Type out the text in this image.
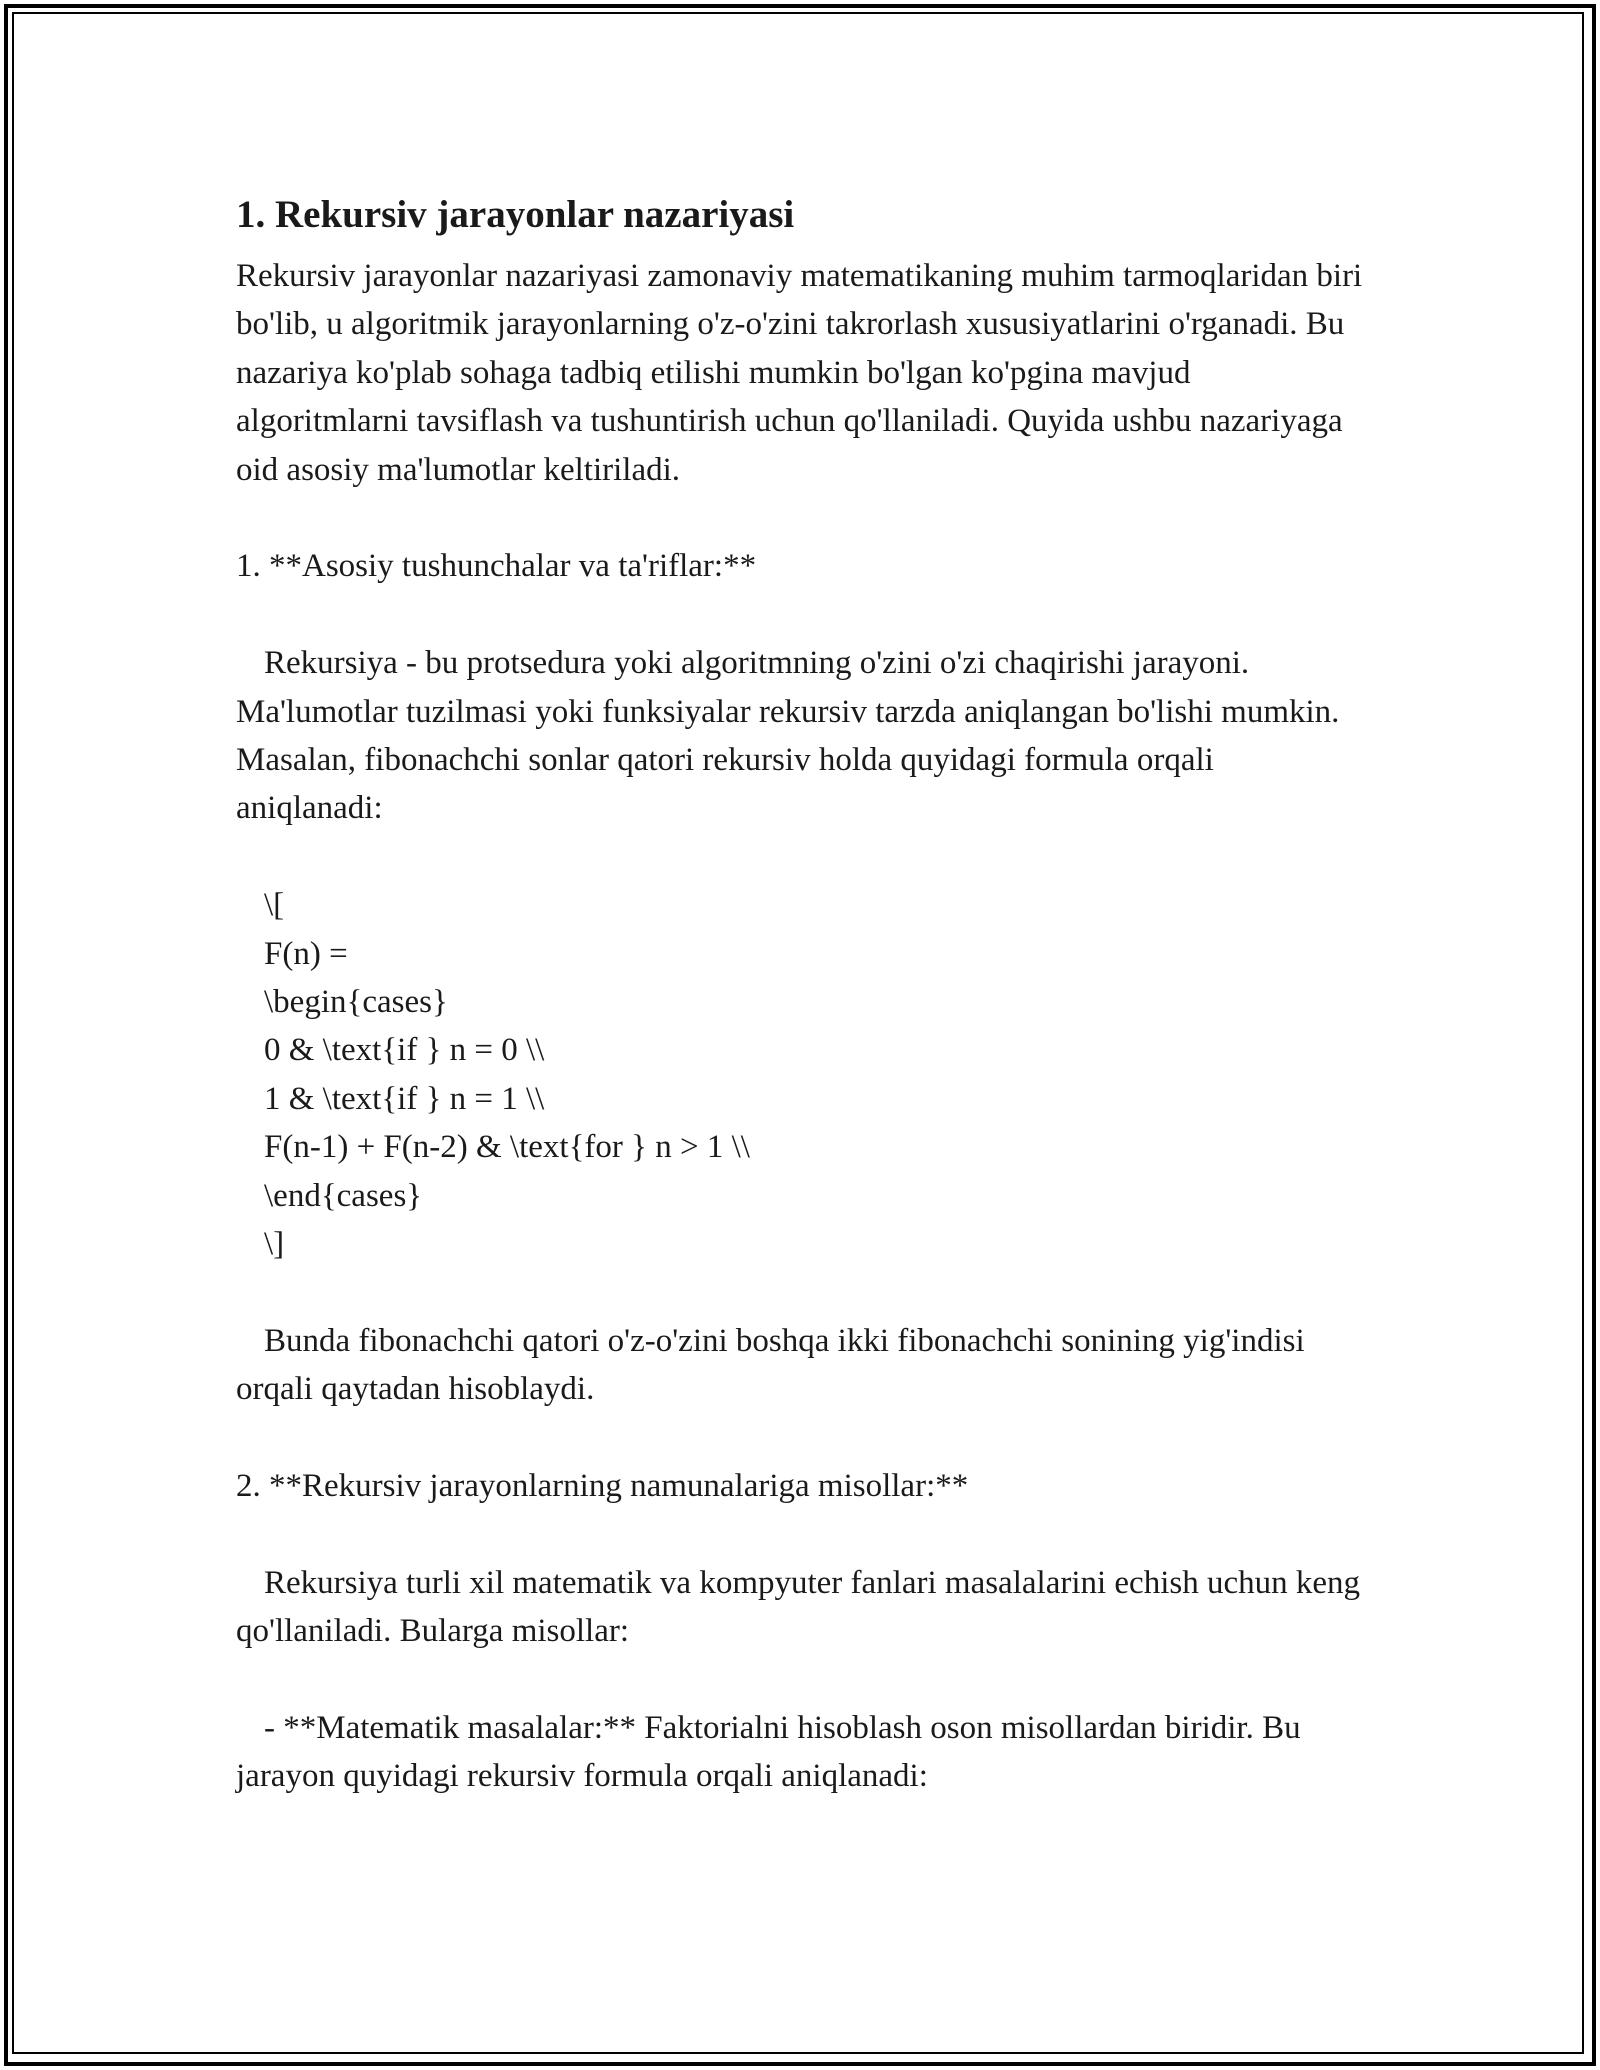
1. Rekursiv jarayonlar nazariyasi

Rekursiv jarayonlar nazariyasi zamonaviy matematikaning muhim tarmoqlaridan biri bo'lib, u algoritmik jarayonlarning o'z-o'zini takrorlash xususiyatlarini o'rganadi. Bu nazariya ko'plab sohaga tadbiq etilishi mumkin bo'lgan ko'pgina mavjud algoritmlarni tavsiflash va tushuntirish uchun qo'llaniladi. Quyida ushbu nazariyaga oid asosiy ma'lumotlar keltiriladi.

1. **Asosiy tushunchalar va ta'riflar:**

Rekursiya - bu protsedura yoki algoritmning o'zini o'zi chaqirishi jarayoni. Ma'lumotlar tuzilmasi yoki funksiyalar rekursiv tarzda aniqlangan bo'lishi mumkin. Masalan, fibonachchi sonlar qatori rekursiv holda quyidagi formula orqali aniqlanadi:

\[

F(n) =

\begin{cases}

0 & \text{if } n = 0 \\

1 & \text{if } n = 1 \\

F(n-1) + F(n-2) & \text{for } n > 1 \\

\end{cases}

\]

Bunda fibonachchi qatori o'z-o'zini boshqa ikki fibonachchi sonining yig'indisi orqali qaytadan hisoblaydi.

2. **Rekursiv jarayonlarning namunalariga misollar:**

Rekursiya turli xil matematik va kompyuter fanlari masalalarini echish uchun keng qo'llaniladi. Bularga misollar:

- **Matematik masalalar:** Faktorialni hisoblash oson misollardan biridir. Bu jarayon quyidagi rekursiv formula orqali aniqlanadi:
